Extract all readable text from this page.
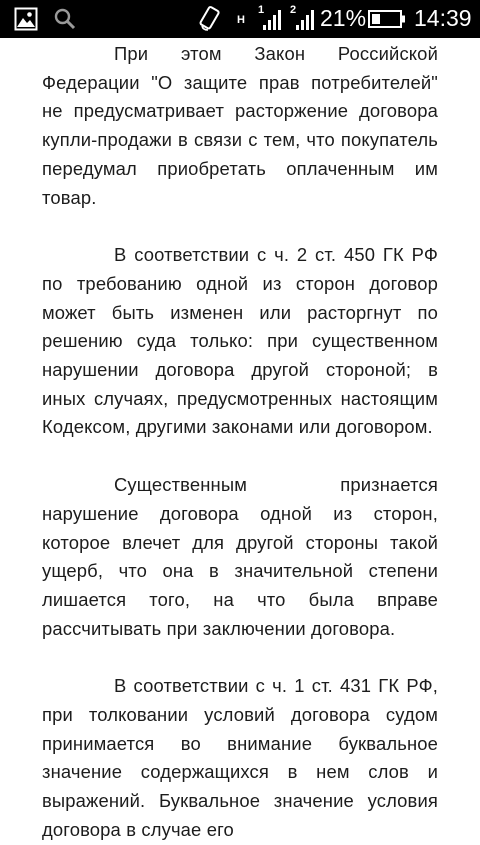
H
1 2 21% 14:39

При этом Закон Российской Федерации "О защите прав потребителей" не предусматривает расторжение договора купли-продажи в связи с тем, что покупатель передумал приобретать оплаченным им товар.

В соответствии с ч. 2 ст. 450 ГК РФ по требованию одной из сторон договор может быть изменен или расторгнут по решению суда только: при существенном нарушении договора другой стороной; в иных случаях, предусмотренных настоящим Кодексом, другими законами или договором.

Существенным признается нарушение договора одной из сторон, которое влечет для другой стороны такой ущерб, что она в значительной степени лишается того, на что была вправе рассчитывать при заключении договора.

В соответствии с ч. 1 ст. 431 ГК РФ, при толковании условий договора судом принимается во внимание буквальное значение содержащихся в нем слов и выражений. Буквальное значение условия договора в случае его
